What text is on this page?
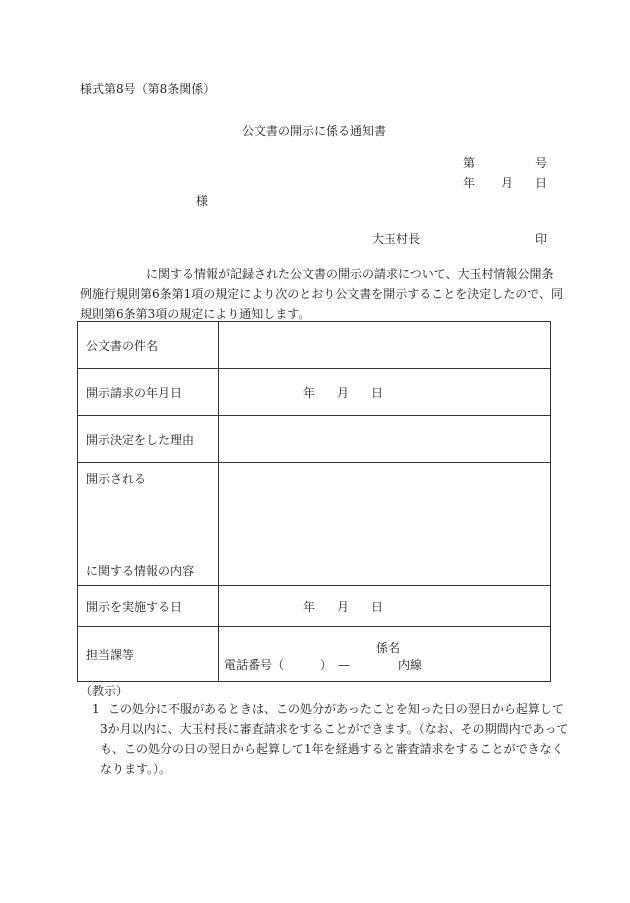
様式第8号（第8条関係）
公文書の開示に係る通知書
第	号
年 月 日
様
大玉村長	印
に関する情報が記録された公文書の開示の請求について、大玉村情報公開条
例施行規則第6条第1項の規定により次のとおり公文書を開示することを決定したので、同
規則第6条第3項の規定により通知します。
公文書の件名	
開示請求の年月日	年 月 日
開示決定をした理由	

開示される
に関する情報の内容	

開示を実施する日	年 月 日
担当課等	係名
電話番号（　　　）　—　　　　内線
（教示）
1 この処分に不服があるときは、この処分があったことを知った日の翌日から起算して
3か月以内に、大玉村長に審査請求をすることができます。（なお、その期間内であって
も、この処分の日の翌日から起算して1年を経過すると審査請求をすることができなく
なります。）。
